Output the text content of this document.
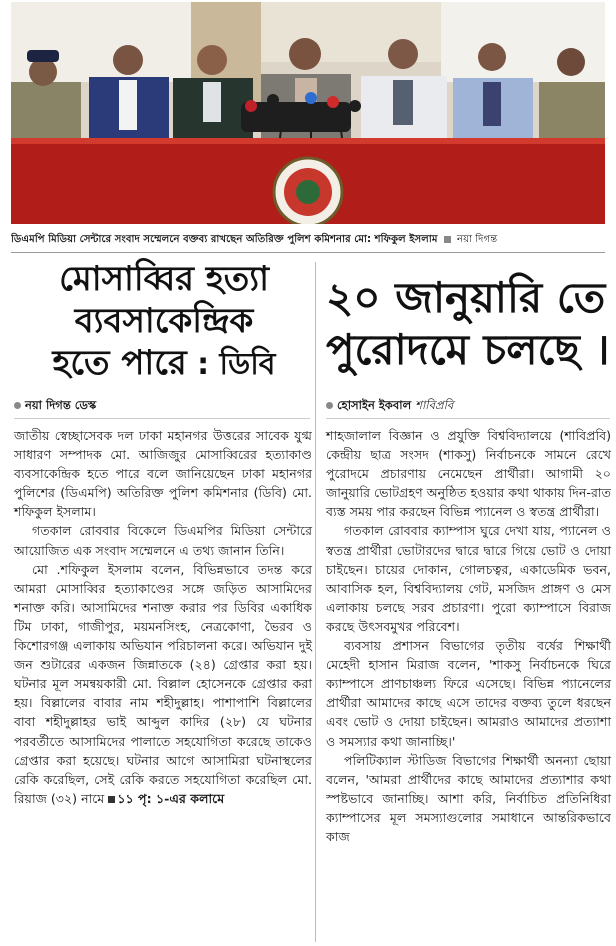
ডিএমপি মিডিয়া সেন্টারে সংবাদ সম্মেলনে বক্তব্য রাখছেন অতিরিক্ত পুলিশ কমিশনার মো: শফিকুল ইসলাম নয়া দিগন্ত
মোসাব্বির হত্যা
ব্যবসাকেন্দ্রিক
হতে পারে : ডিবি
২০ জানুয়ারি তে
পুরোদমে চলছে ।
নয়া দিগন্ত ডেস্ক	হোসাইন ইকবাল শাবিপ্রবি

জাতীয় স্বেচ্ছাসেবক দল ঢাকা মহানগর উত্তরের সাবেক যুগ্ম সাধারণ সম্পাদক মো. আজিজুর মোসাব্বিরের হত্যাকাণ্ড ব্যবসাকেন্দ্রিক হতে পারে বলে জানিয়েছেন ঢাকা মহানগর পুলিশের (ডিএমপি) অতিরিক্ত পুলিশ কমিশনার (ডিবি) মো. শফিকুল ইসলাম।

গতকাল রোববার বিকেলে ডিএমপির মিডিয়া সেন্টারে আয়োজিত এক সংবাদ সম্মেলনে এ তথ্য জানান তিনি।

মো .শফিকুল ইসলাম বলেন, বিভিন্নভাবে তদন্ত করে আমরা মোসাব্বির হত্যাকাণ্ডের সঙ্গে জড়িত আসামিদের শনাক্ত করি। আসামিদের শনাক্ত করার পর ডিবির একাধিক টিম ঢাকা, গাজীপুর, ময়মনসিংহ, নেত্রকোণা, ভৈরব ও কিশোরগঞ্জ এলাকায় অভিযান পরিচালনা করে। অভিযান দুই জন শুটারের একজন জিন্নাতকে (২৪) গ্রেপ্তার করা হয়। ঘটনার মূল সমন্বয়কারী মো. বিল্লাল হোসেনকে গ্রেপ্তার করা হয়। বিল্লালের বাবার নাম শহীদুল্লাহ। পাশাপাশি বিল্লালের বাবা শহীদুল্লাহর ভাই আব্দুল কাদির (২৮) যে ঘটনার পরবর্তীতে আসামিদের পালাতে সহযোগিতা করেছে তাকেও গ্রেপ্তার করা হয়েছে। ঘটনার আগে আসামিরা ঘটনাস্থলের রেকি করেছিল, সেই রেকি করতে সহযোগিতা করেছিল মো. রিয়াজ (৩২) নামে ১১ পৃ: ১-এর কলামে

শাহজালাল বিজ্ঞান ও প্রযুক্তি বিশ্ববিদ্যালয়ে (শাবিপ্রবি) কেন্দ্রীয় ছাত্র সংসদ (শাকসু) নির্বাচনকে সামনে রেখে পুরোদমে প্রচারণায় নেমেছেন প্রার্থীরা। আগামী ২০ জানুয়ারি ভোটগ্রহণ অনুষ্ঠিত হওয়ার কথা থাকায় দিন-রাত ব্যস্ত সময় পার করছেন বিভিন্ন প্যানেল ও স্বতন্ত্র প্রার্থীরা।

গতকাল রোববার ক্যাম্পাস ঘুরে দেখা যায়, প্যানেল ও স্বতন্ত্র প্রার্থীরা ভোটারদের দ্বারে দ্বারে গিয়ে ভোট ও দোয়া চাইছেন। চায়ের দোকান, গোলচত্বর, একাডেমিক ভবন, আবাসিক হল, বিশ্ববিদ্যালয় গেট, মসজিদ প্রাঙ্গণ ও মেস এলাকায় চলছে সরব প্রচারণা। পুরো ক্যাম্পাসে বিরাজ করছে উৎসবমুখর পরিবেশ।

ব্যবসায় প্রশাসন বিভাগের তৃতীয় বর্ষের শিক্ষার্থী মেহেদী হাসান মিরাজ বলেন, 'শাকসু নির্বাচনকে ঘিরে ক্যাম্পাসে প্রাণচাঞ্চল্য ফিরে এসেছে। বিভিন্ন প্যানেলের প্রার্থীরা আমাদের কাছে এসে তাদের বক্তব্য তুলে ধরছেন এবং ভোট ও দোয়া চাইছেন। আমরাও আমাদের প্রত্যাশা ও সমস্যার কথা জানাচ্ছি।'

পলিটিক্যাল স্টাডিজ বিভাগের শিক্ষার্থী অনন্যা ছোয়া বলেন, 'আমরা প্রার্থীদের কাছে আমাদের প্রত্যাশার কথা স্পষ্টভাবে জানাচ্ছি। আশা করি, নির্বাচিত প্রতিনিধিরা ক্যাম্পাসের মূল সমস্যাগুলোর সমাধানে আন্তরিকভাবে কাজ
